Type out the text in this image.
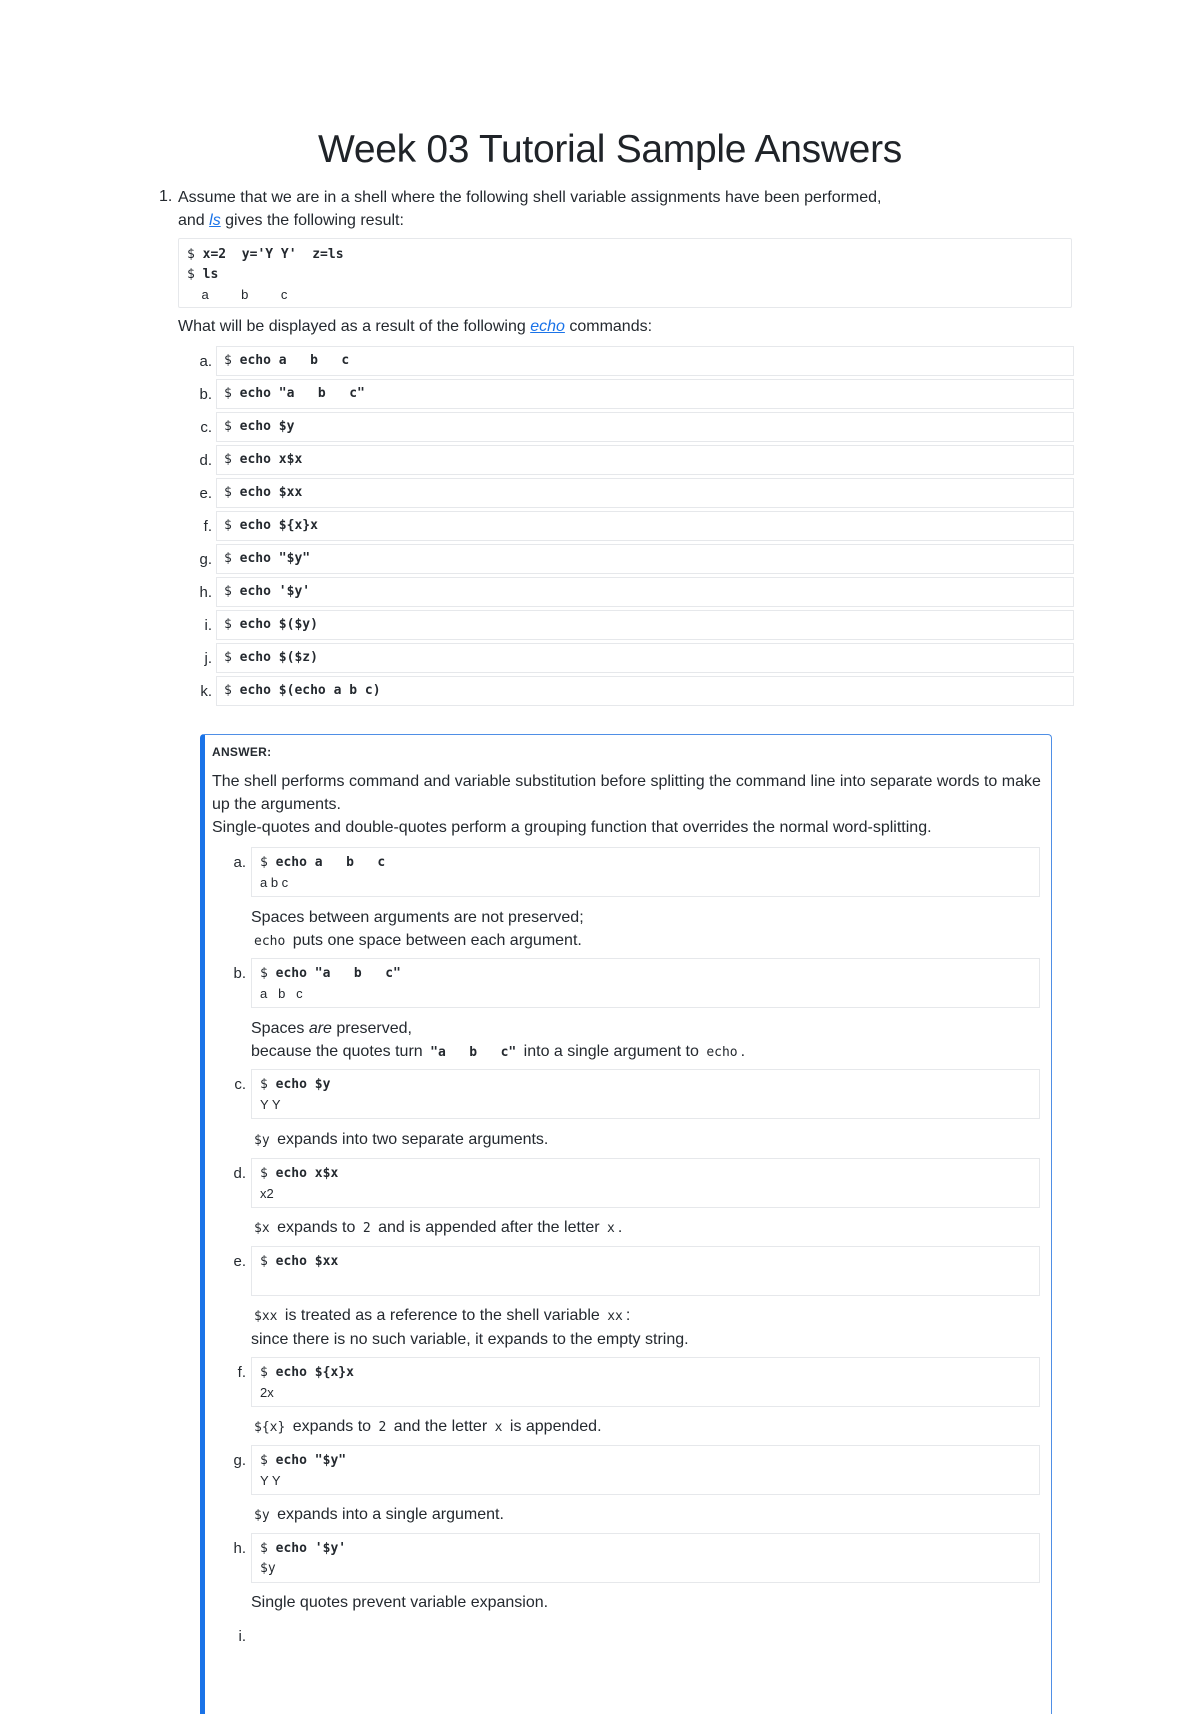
Week 03 Tutorial Sample Answers
1. Assume that we are in a shell where the following shell variable assignments have been performed,
and ls gives the following result:
$ x=2  y='Y Y'  z=ls
$ ls
a         b         c
What will be displayed as a result of the following echo commands:
a. $ echo a   b   c
b. $ echo "a   b   c"
c. $ echo $y
d. $ echo x$x
e. $ echo $xx
f. $ echo ${x}x
g. $ echo "$y"
h. $ echo '$y'
i. $ echo $($y)
j. $ echo $($z)
k. $ echo $(echo a b c)
ANSWER:
The shell performs command and variable substitution before splitting the command line into separate words to make up the arguments.
Single-quotes and double-quotes perform a grouping function that overrides the normal word-splitting.
a.	$ echo a   b   c
a b c
Spaces between arguments are not preserved;
echo puts one space between each argument.
b.	$ echo "a   b   c"
a   b   c
Spaces are preserved,
because the quotes turn "a   b   c" into a single argument to echo .
c.	$ echo $y
Y Y
$y expands into two separate arguments.
d.	$ echo x$x
x2
$x expands to 2 and is appended after the letter x .
e.	$ echo $xx

$xx is treated as a reference to the shell variable xx :
since there is no such variable, it expands to the empty string.
f.	$ echo ${x}x
2x
${x} expands to 2 and the letter x is appended.
g.	$ echo "$y"
Y Y
$y expands into a single argument.
h.	$ echo '$y'
$y
Single quotes prevent variable expansion.
i.
